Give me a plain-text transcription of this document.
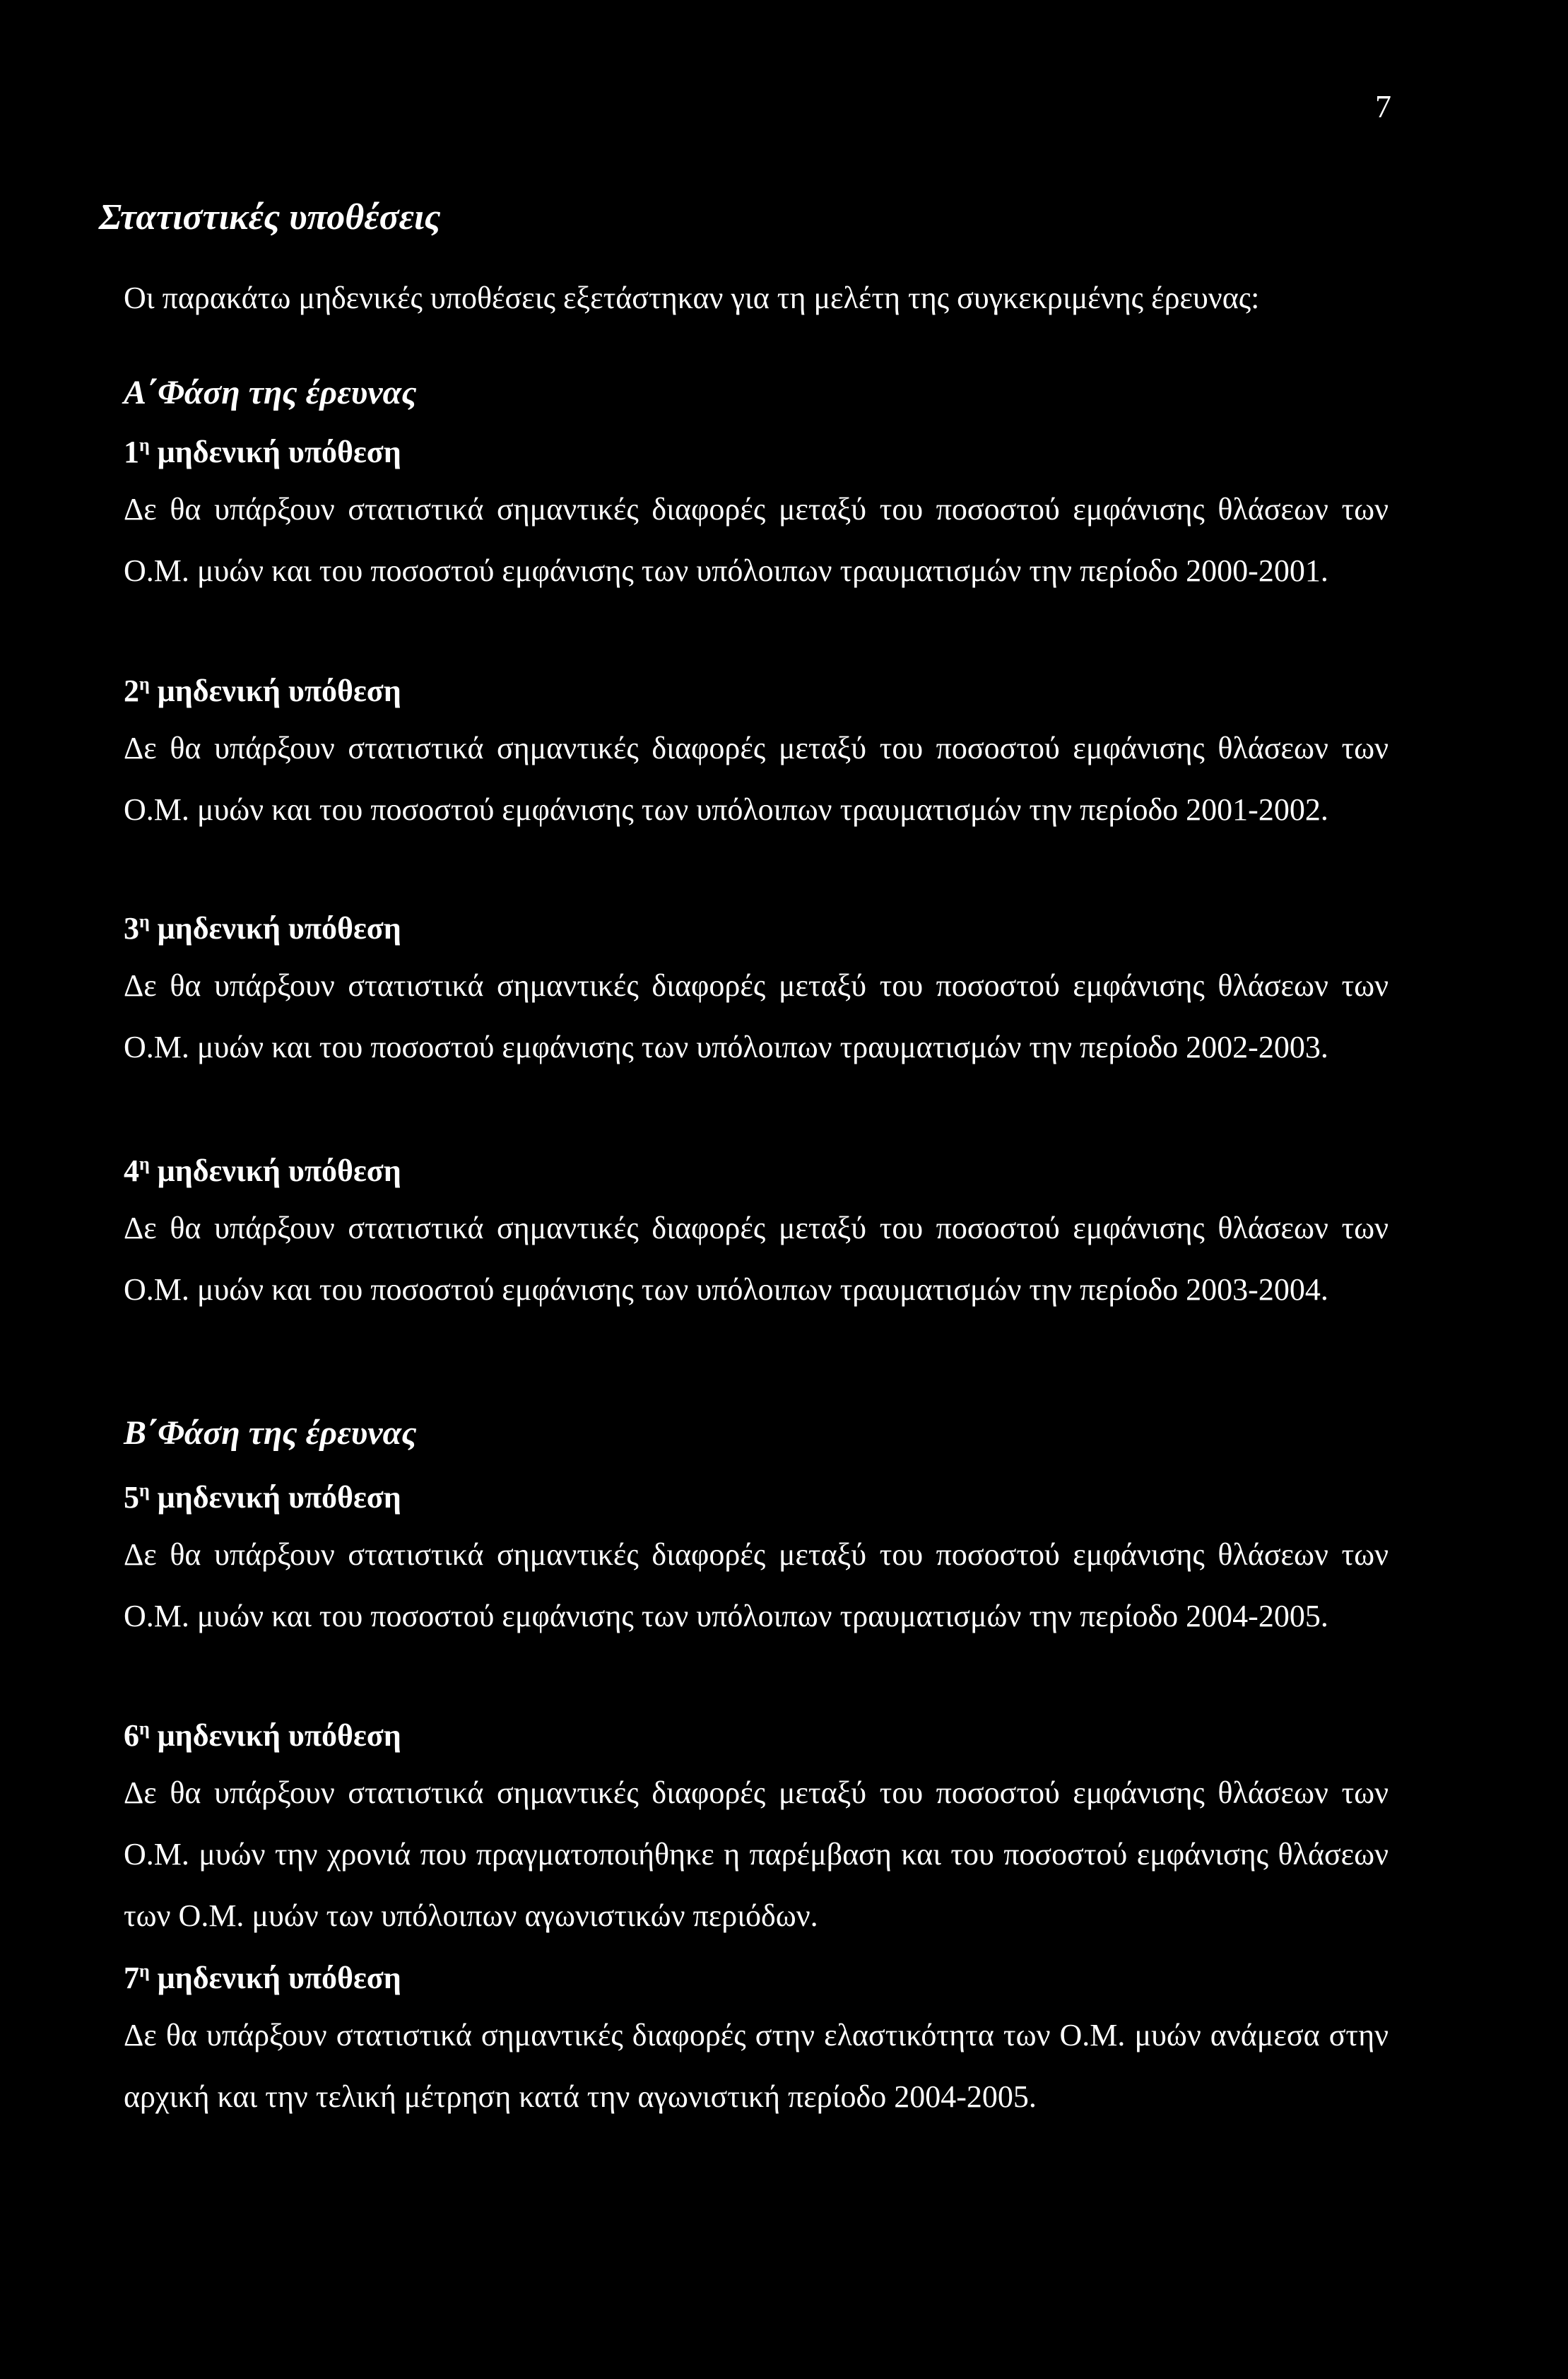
7
Στατιστικές υποθέσεις
Οι παρακάτω μηδενικές υποθέσεις εξετάστηκαν για τη μελέτη της συγκεκριμένης έρευνας:
Α΄Φάση της έρευνας
$1^\eta$ μηδενική υπόθεση
Δε θα υπάρξουν στατιστικά σημαντικές διαφορές μεταξύ του ποσοστού εμφάνισης θλάσεων των Ο.Μ. μυών και του ποσοστού εμφάνισης των υπόλοιπων τραυματισμών την περίοδο 2000-2001.
$2^\eta$ μηδενική υπόθεση
Δε θα υπάρξουν στατιστικά σημαντικές διαφορές μεταξύ του ποσοστού εμφάνισης θλάσεων των Ο.Μ. μυών και του ποσοστού εμφάνισης των υπόλοιπων τραυματισμών την περίοδο 2001-2002.
$3^\eta$ μηδενική υπόθεση
Δε θα υπάρξουν στατιστικά σημαντικές διαφορές μεταξύ του ποσοστού εμφάνισης θλάσεων των Ο.Μ. μυών και του ποσοστού εμφάνισης των υπόλοιπων τραυματισμών την περίοδο 2002-2003.
$4^\eta$ μηδενική υπόθεση
Δε θα υπάρξουν στατιστικά σημαντικές διαφορές μεταξύ του ποσοστού εμφάνισης θλάσεων των Ο.Μ. μυών και του ποσοστού εμφάνισης των υπόλοιπων τραυματισμών την περίοδο 2003-2004.
Β΄Φάση της έρευνας
$5^\eta$ μηδενική υπόθεση
Δε θα υπάρξουν στατιστικά σημαντικές διαφορές μεταξύ του ποσοστού εμφάνισης θλάσεων των Ο.Μ. μυών και του ποσοστού εμφάνισης των υπόλοιπων τραυματισμών την περίοδο 2004-2005.
$6^\eta$ μηδενική υπόθεση
Δε θα υπάρξουν στατιστικά σημαντικές διαφορές μεταξύ του ποσοστού εμφάνισης θλάσεων των Ο.Μ. μυών την χρονιά που πραγματοποιήθηκε η παρέμβαση και του ποσοστού εμφάνισης θλάσεων των Ο.Μ. μυών των υπόλοιπων αγωνιστικών περιόδων.
$7^\eta$ μηδενική υπόθεση
Δε θα υπάρξουν στατιστικά σημαντικές διαφορές στην ελαστικότητα των Ο.Μ. μυών ανάμεσα στην αρχική και την τελική μέτρηση κατά την αγωνιστική περίοδο 2004-2005.
